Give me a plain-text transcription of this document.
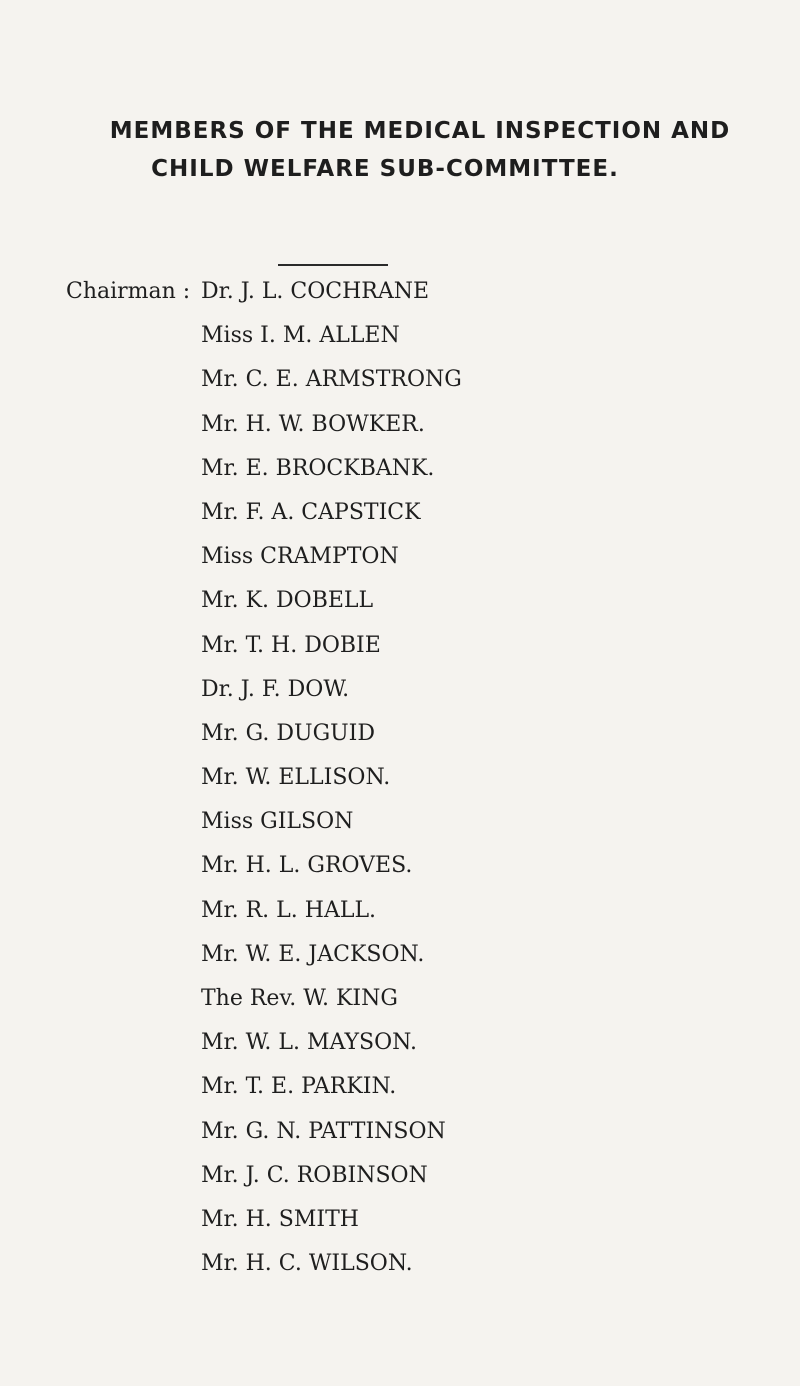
MEMBERS OF THE MEDICAL INSPECTION AND
CHILD WELFARE SUB-COMMITTEE.
Chairman : Dr. J. L. COCHRANE
Miss I. M. ALLEN
Mr. C. E. ARMSTRONG
Mr. H. W. BOWKER.
Mr. E. BROCKBANK.
Mr. F. A. CAPSTICK
Miss CRAMPTON
Mr. K. DOBELL
Mr. T. H. DOBIE
Dr. J. F. DOW.
Mr. G. DUGUID
Mr. W. ELLISON.
Miss GILSON
Mr. H. L. GROVES.
Mr. R. L. HALL.
Mr. W. E. JACKSON.
The Rev. W. KING
Mr. W. L. MAYSON.
Mr. T. E. PARKIN.
Mr. G. N. PATTINSON
Mr. J. C. ROBINSON
Mr. H. SMITH
Mr. H. C. WILSON.
